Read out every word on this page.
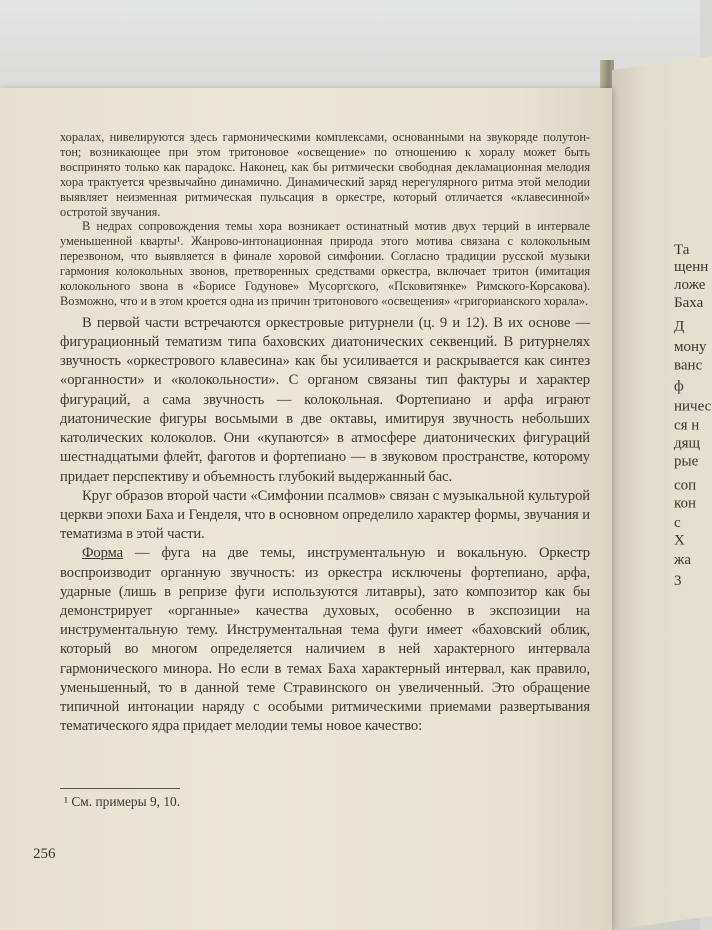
Та
щенн
ложе
Баха
Д
мону
ванс
ф
ничес
ся н
дящ
рые
соп
кон
с
Х
жа
3

хоралах, нивелируются здесь гармоническими комплексами, основанными на звукоряде полутон-тон; возникающее при этом тритоновое «освещение» по отношению к хоралу может быть воспринято только как парадокс. Наконец, как бы ритмически свободная декламационная мелодия хора трактуется чрезвычайно динамично. Динамический заряд нерегулярного ритма этой мелодии выявляет неизменная ритмическая пульсация в оркестре, который отличается «клавесинной» остротой звучания.

В недрах сопровождения темы хора возникает остинатный мотив двух терций в интервале уменьшенной кварты¹. Жанрово-интонационная природа этого мотива связана с колокольным перезвоном, что выявляется в финале хоровой симфонии. Согласно традиции русской музыки гармония колокольных звонов, претворенных средствами оркестра, включает тритон (имитация колокольного звона в «Борисе Годунове» Мусоргского, «Псковитянке» Римского-Корсакова). Возможно, что и в этом кроется одна из причин тритонового «освещения» «григорианского хорала».

В первой части встречаются оркестровые ритурнели (ц. 9 и 12). В их основе — фигурационный тематизм типа баховских диатонических секвенций. В ритурнелях звучность «оркестрового клавесина» как бы усиливается и раскрывается как синтез «органности» и «колокольности». С органом связаны тип фактуры и характер фигураций, а сама звучность — колокольная. Фортепиано и арфа играют диатонические фигуры восьмыми в две октавы, имитируя звучность небольших католических колоколов. Они «купаются» в атмосфере диатонических фигураций шестнадцатыми флейт, фаготов и фортепиано — в звуковом пространстве, которому придает перспективу и объемность глубокий выдержанный бас.

Круг образов второй части «Симфонии псалмов» связан с музыкальной культурой церкви эпохи Баха и Генделя, что в основном определило характер формы, звучания и тематизма в этой части.

Форма — фуга на две темы, инструментальную и вокальную. Оркестр воспроизводит органную звучность: из оркестра исключены фортепиано, арфа, ударные (лишь в репризе фуги используются литавры), зато композитор как бы демонстрирует «органные» качества духовых, особенно в экспозиции на инструментальную тему. Инструментальная тема фуги имеет «баховский облик, который во многом определяется наличием в ней характерного интервала гармонического минора. Но если в темах Баха характерный интервал, как правило, уменьшенный, то в данной теме Стравинского он увеличенный. Это обращение типичной интонации наряду с особыми ритмическими приемами развертывания тематического ядра придает мелодии темы новое качество:

¹ См. примеры 9, 10.
256
